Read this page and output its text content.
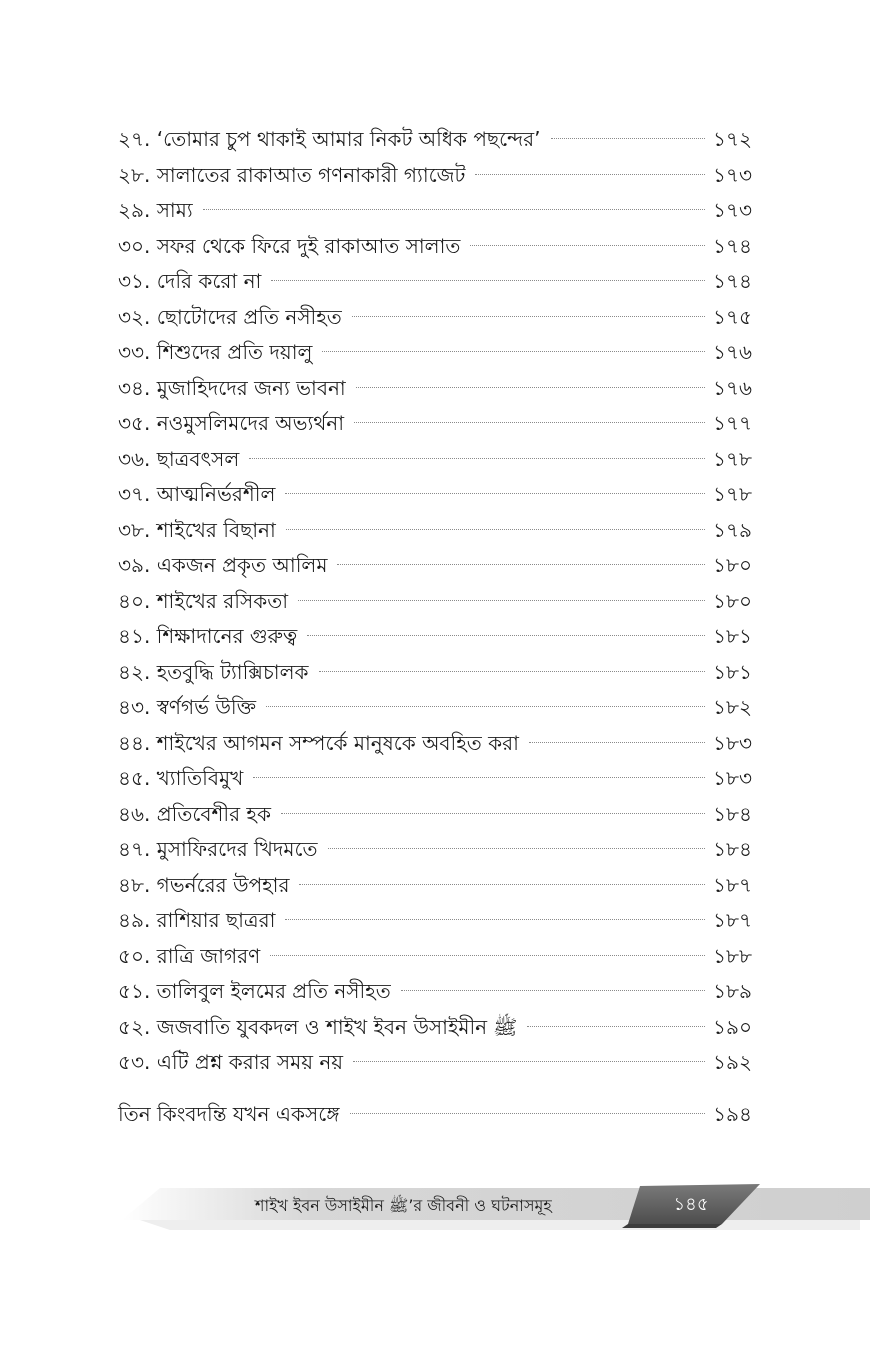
২৭. ‘তোমার চুপ থাকাই আমার নিকট অধিক পছন্দের’	১৭২
২৮. সালাতের রাকাআত গণনাকারী গ্যাজেট	১৭৩
২৯. সাম্য	১৭৩
৩০. সফর থেকে ফিরে দুই রাকাআত সালাত	১৭৪
৩১. দেরি করো না	১৭৪
৩২. ছোটোদের প্রতি নসীহত	১৭৫
৩৩. শিশুদের প্রতি দয়ালু	১৭৬
৩৪. মুজাহিদদের জন্য ভাবনা	১৭৬
৩৫. নওমুসলিমদের অভ্যর্থনা	১৭৭
৩৬. ছাত্রবৎসল	১৭৮
৩৭. আত্মনির্ভরশীল	১৭৮
৩৮. শাইখের বিছানা	১৭৯
৩৯. একজন প্রকৃত আলিম	১৮০
৪০. শাইখের রসিকতা	১৮০
৪১. শিক্ষাদানের গুরুত্ব	১৮১
৪২. হতবুদ্ধি ট্যাক্সিচালক	১৮১
৪৩. স্বর্ণগর্ভ উক্তি	১৮২
৪৪. শাইখের আগমন সম্পর্কে মানুষকে অবহিত করা	১৮৩
৪৫. খ্যাতিবিমুখ	১৮৩
৪৬. প্রতিবেশীর হক	১৮৪
৪৭. মুসাফিরদের খিদমতে	১৮৪
৪৮. গভর্নরের উপহার	১৮৭
৪৯. রাশিয়ার ছাত্ররা	১৮৭
৫০. রাত্রি জাগরণ	১৮৮
৫১. তালিবুল ইলমের প্রতি নসীহত	১৮৯
৫২. জজবাতি যুবকদল ও শাইখ ইবন উসাইমীন ﷺ	১৯০
৫৩. এটি প্রশ্ন করার সময় নয়	১৯২
তিন কিংবদন্তি যখন একসঙ্গে	১৯৪
শাইখ ইবন উসাইমীন ﷺ’র জীবনী ও ঘটনাসমূহ	১৪৫
